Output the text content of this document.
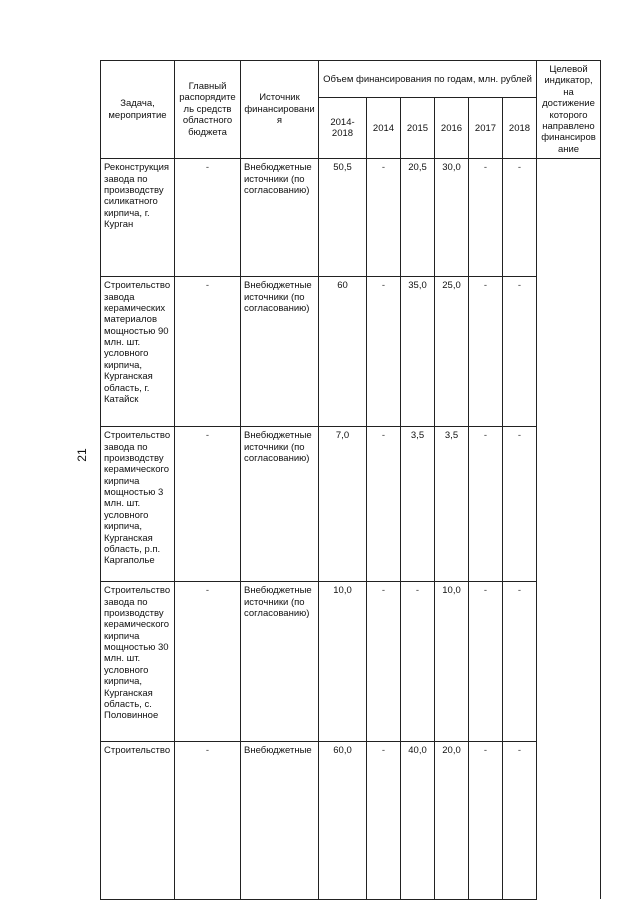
21
Задача, мероприятие	Главный распорядитель средств областного бюджета	Источник финансирования	Объем финансирования по годам, млн. рублей						Целевой индикатор, на достижение которого направлено финансирование
			2014-2018	2014	2015	2016	2017	2018	
Реконструкция завода по производству силикатного кирпича, г. Курган	-	Внебюджетные источники (по согласованию)	50,5	-	20,5	30,0	-	-	
Строительство завода керамических материалов мощностью 90 млн. шт. условного кирпича, Курганская область, г. Катайск	-	Внебюджетные источники (по согласованию)	60	-	35,0	25,0	-	-	
Строительство завода по производству керамического кирпича мощностью 3 млн. шт. условного кирпича, Курганская область, р.п. Каргаполье	-	Внебюджетные источники (по согласованию)	7,0	-	3,5	3,5	-	-	
Строительство завода по производству керамического кирпича мощностью 30 млн. шт. условного кирпича, Курганская область, с. Половинное	-	Внебюджетные источники (по согласованию)	10,0	-	-	10,0	-	-	
Строительство	-	Внебюджетные	60,0	-	40,0	20,0	-	-	
